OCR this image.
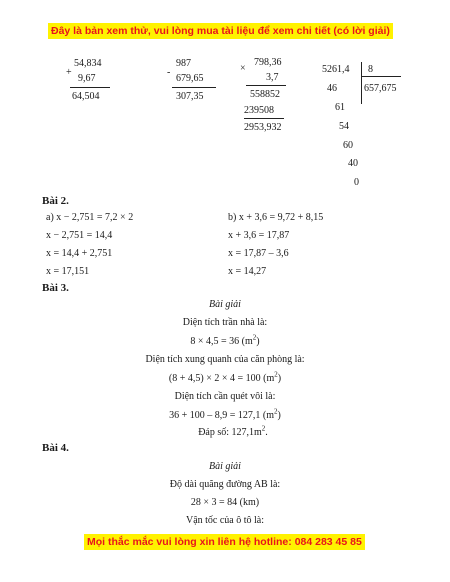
Đây là bản xem thử, vui lòng mua tài liệu để xem chi tiết (có lời giải)
+
54,834
9,67
64,504
-
987
679,65
307,35
×
798,36
3,7
558852
239508
2953,932
5261,4 8
46	657,675
61
54
60
40
0
Bài 2.
a) x − 2,751 = 7,2 × 2
x − 2,751 = 14,4
x = 14,4 + 2,751
x = 17,151
b) x + 3,6 = 9,72 + 8,15
x + 3,6 = 17,87
x = 17,87 – 3,6
x = 14,27
Bài 3.
Bài giải
Diện tích trần nhà là:
8 × 4,5 = 36 $(m^2)$
Diện tích xung quanh của căn phòng là:
(8 + 4,5) × 2 × 4 = 100 $(m^2)$
Diện tích cần quét vôi là:
36 + 100 – 8,9 = 127,1 $(m^2)$
Đáp số: $127,1m^2$.
Bài 4.
Bài giải
Độ dài quãng đường AB là:
28 × 3 = 84 (km)
Vận tốc của ô tô là:
Mọi thắc mắc vui lòng xin liên hệ hotline: 084 283 45 85
